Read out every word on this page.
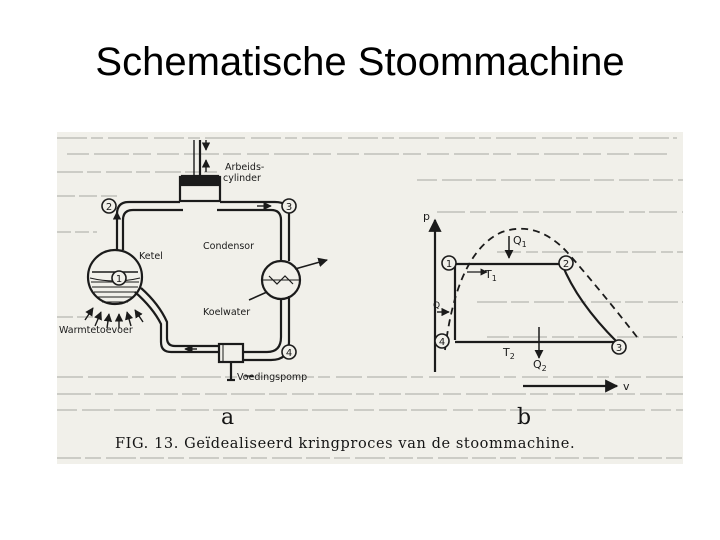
Schematische Stoommachine
1
2	3
4
Arbeids-
cylinder
Condensor
Ketel
Koelwater
Warmtetoevoer
Voedingspomp
a
1	2
3
4
p
v
$Q_1$
$T_1$
$T_2$
$Q_2$
Q
b
FIG. 13. Geïdealiseerd kringproces van de stoommachine.
